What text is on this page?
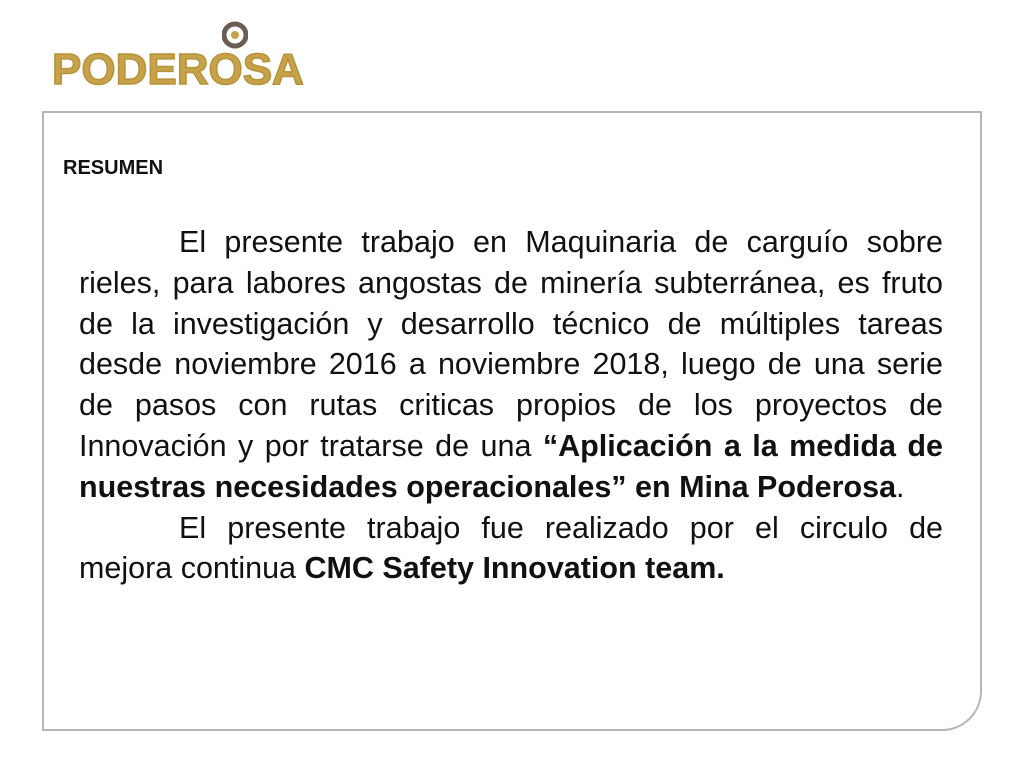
PODEROSA
RESUMEN

El presente trabajo en Maquinaria de carguío sobre rieles, para labores angostas de minería subterránea, es fruto de la investigación y desarrollo técnico de múltiples tareas desde noviembre 2016 a noviembre 2018, luego de una serie de pasos con rutas criticas propios de los proyectos de Innovación y por tratarse de una “Aplicación a la medida de nuestras necesidades operacionales” en Mina Poderosa.

El presente trabajo fue realizado por el circulo de mejora continua CMC Safety Innovation team.
